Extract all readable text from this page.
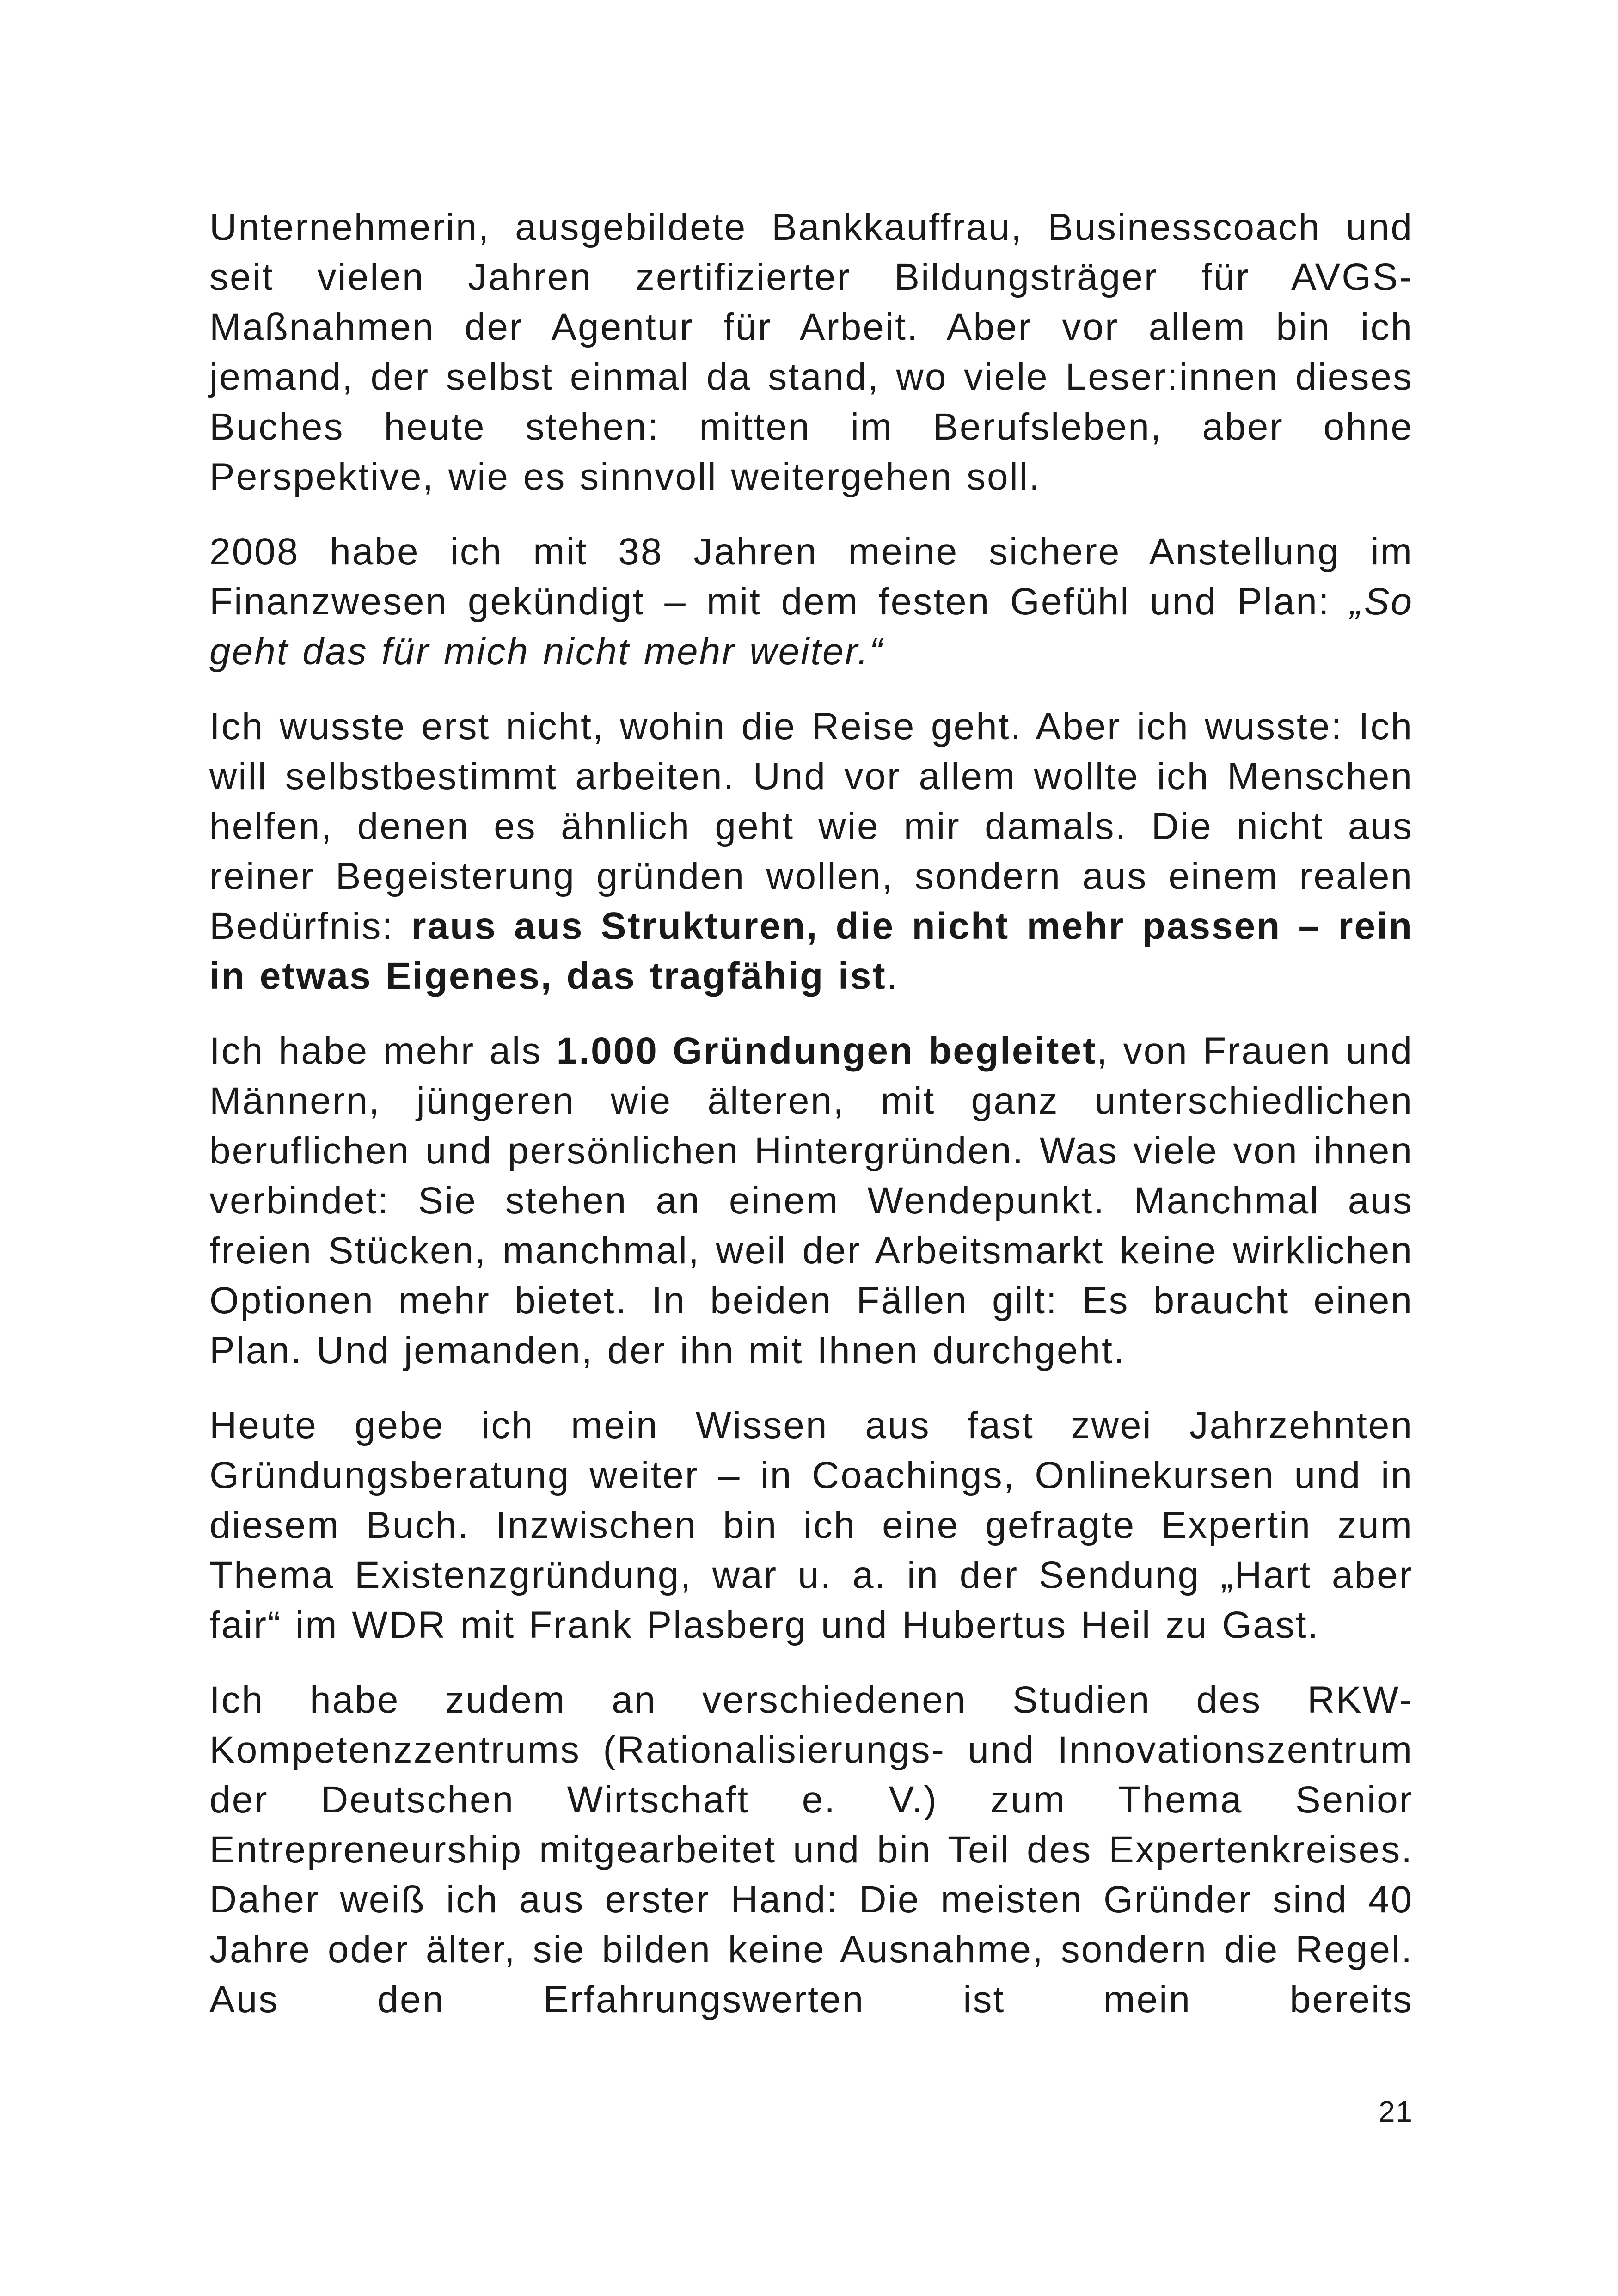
Unternehmerin, ausgebildete Bankkauffrau, Businesscoach und seit vielen Jahren zertifizierter Bildungsträger für AVGS-Maßnahmen der Agentur für Arbeit. Aber vor allem bin ich jemand, der selbst einmal da stand, wo viele Leser:innen dieses Buches heute stehen: mitten im Berufsleben, aber ohne Perspektive, wie es sinnvoll weitergehen soll.

2008 habe ich mit 38 Jahren meine sichere Anstellung im Finanzwesen gekündigt – mit dem festen Gefühl und Plan: „So geht das für mich nicht mehr weiter.“

Ich wusste erst nicht, wohin die Reise geht. Aber ich wusste: Ich will selbstbestimmt arbeiten. Und vor allem wollte ich Menschen helfen, denen es ähnlich geht wie mir damals. Die nicht aus reiner Begeisterung gründen wollen, sondern aus einem realen Bedürfnis: raus aus Strukturen, die nicht mehr passen – rein in etwas Eigenes, das tragfähig ist.

Ich habe mehr als 1.000 Gründungen begleitet, von Frauen und Männern, jüngeren wie älteren, mit ganz unterschiedlichen beruflichen und persönlichen Hintergründen. Was viele von ihnen verbindet: Sie stehen an einem Wendepunkt. Manchmal aus freien Stücken, manchmal, weil der Arbeitsmarkt keine wirklichen Optionen mehr bietet. In beiden Fällen gilt: Es braucht einen Plan. Und jemanden, der ihn mit Ihnen durchgeht.

Heute gebe ich mein Wissen aus fast zwei Jahrzehnten Gründungsberatung weiter – in Coachings, Onlinekursen und in diesem Buch. Inzwischen bin ich eine gefragte Expertin zum Thema Existenzgründung, war u. a. in der Sendung „Hart aber fair“ im WDR mit Frank Plasberg und Hubertus Heil zu Gast.

Ich habe zudem an verschiedenen Studien des RKW-Kompetenzzentrums (Rationalisierungs- und Innovationszentrum der Deutschen Wirtschaft e. V.) zum Thema Senior Entrepreneurship mitgearbeitet und bin Teil des Expertenkreises. Daher weiß ich aus erster Hand: Die meisten Gründer sind 40 Jahre oder älter, sie bilden keine Ausnahme, sondern die Regel. Aus den Erfahrungswerten ist mein bereits

21
